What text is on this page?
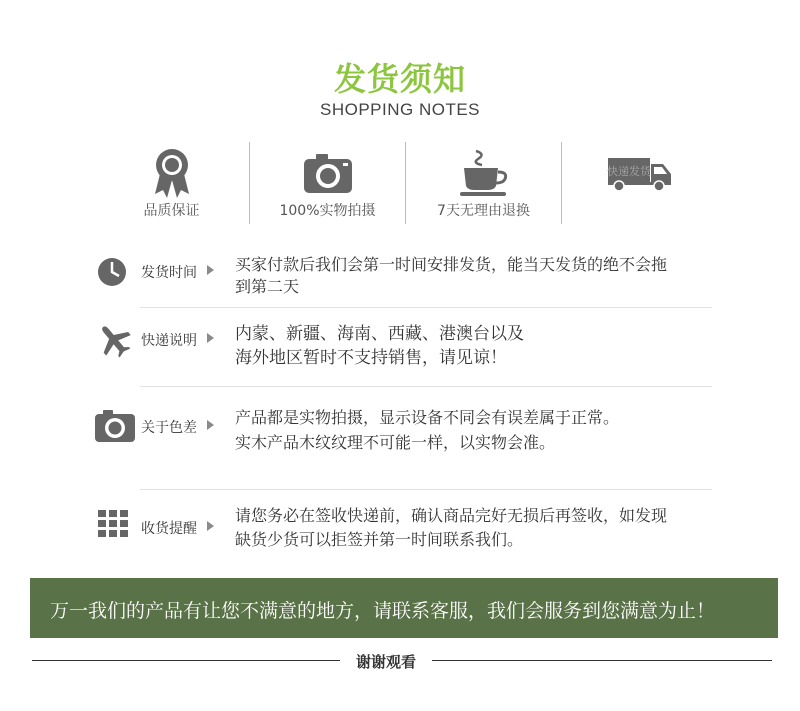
发货须知
SHOPPING NOTES
品质保证	100%实物拍摄	7天无理由退换
快递发货
发货时间 买家付款后我们会第一时间安排发货，能当天发货的绝不会拖
到第二天
快递说明 内蒙、新疆、海南、西藏、港澳台以及
海外地区暂时不支持销售，请见谅！
关于色差
产品都是实物拍摄，显示设备不同会有误差属于正常。
实木产品木纹纹理不可能一样，以实物会准。
收货提醒
请您务必在签收快递前，确认商品完好无损后再签收，如发现
缺货少货可以拒签并第一时间联系我们。
万一我们的产品有让您不满意的地方，请联系客服，我们会服务到您满意为止！
谢谢观看
